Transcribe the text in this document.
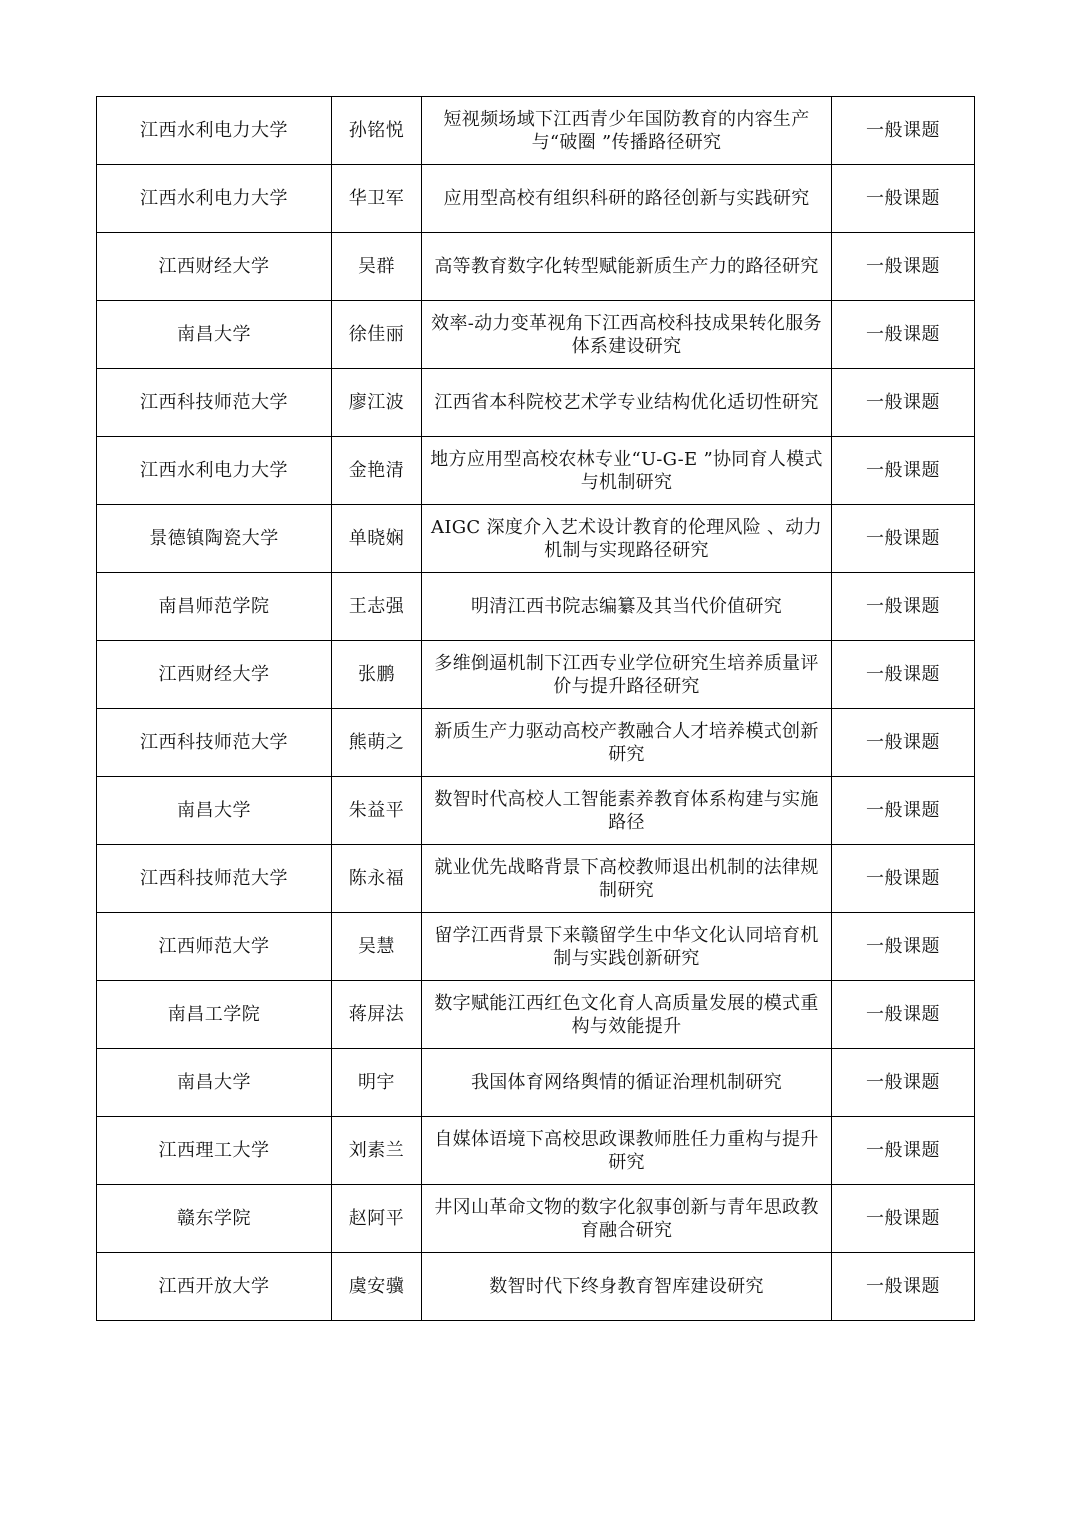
江西水利电力大学	孙铭悦	短视频场域下江西青少年国防教育的内容生产与“破圈 ”传播路径研究	一般课题
江西水利电力大学	华卫军	应用型高校有组织科研的路径创新与实践研究	一般课题
江西财经大学	吴群	高等教育数字化转型赋能新质生产力的路径研究	一般课题
南昌大学	徐佳丽	效率-动力变革视角下江西高校科技成果转化服务体系建设研究	一般课题
江西科技师范大学	廖江波	江西省本科院校艺术学专业结构优化适切性研究	一般课题
江西水利电力大学	金艳清	地方应用型高校农林专业“U-G-E ”协同育人模式与机制研究	一般课题
景德镇陶瓷大学	单晓娴	AIGC 深度介入艺术设计教育的伦理风险 、动力机制与实现路径研究	一般课题
南昌师范学院	王志强	明清江西书院志编纂及其当代价值研究	一般课题
江西财经大学	张鹏	多维倒逼机制下江西专业学位研究生培养质量评价与提升路径研究	一般课题
江西科技师范大学	熊萌之	新质生产力驱动高校产教融合人才培养模式创新研究	一般课题
南昌大学	朱益平	数智时代高校人工智能素养教育体系构建与实施路径	一般课题
江西科技师范大学	陈永福	就业优先战略背景下高校教师退出机制的法律规制研究	一般课题
江西师范大学	吴慧	留学江西背景下来赣留学生中华文化认同培育机制与实践创新研究	一般课题
南昌工学院	蒋屏法	数字赋能江西红色文化育人高质量发展的模式重构与效能提升	一般课题
南昌大学	明宇	我国体育网络舆情的循证治理机制研究	一般课题
江西理工大学	刘素兰	自媒体语境下高校思政课教师胜任力重构与提升研究	一般课题
赣东学院	赵阿平	井冈山革命文物的数字化叙事创新与青年思政教育融合研究	一般课题
江西开放大学	虞安骥	数智时代下终身教育智库建设研究	一般课题
